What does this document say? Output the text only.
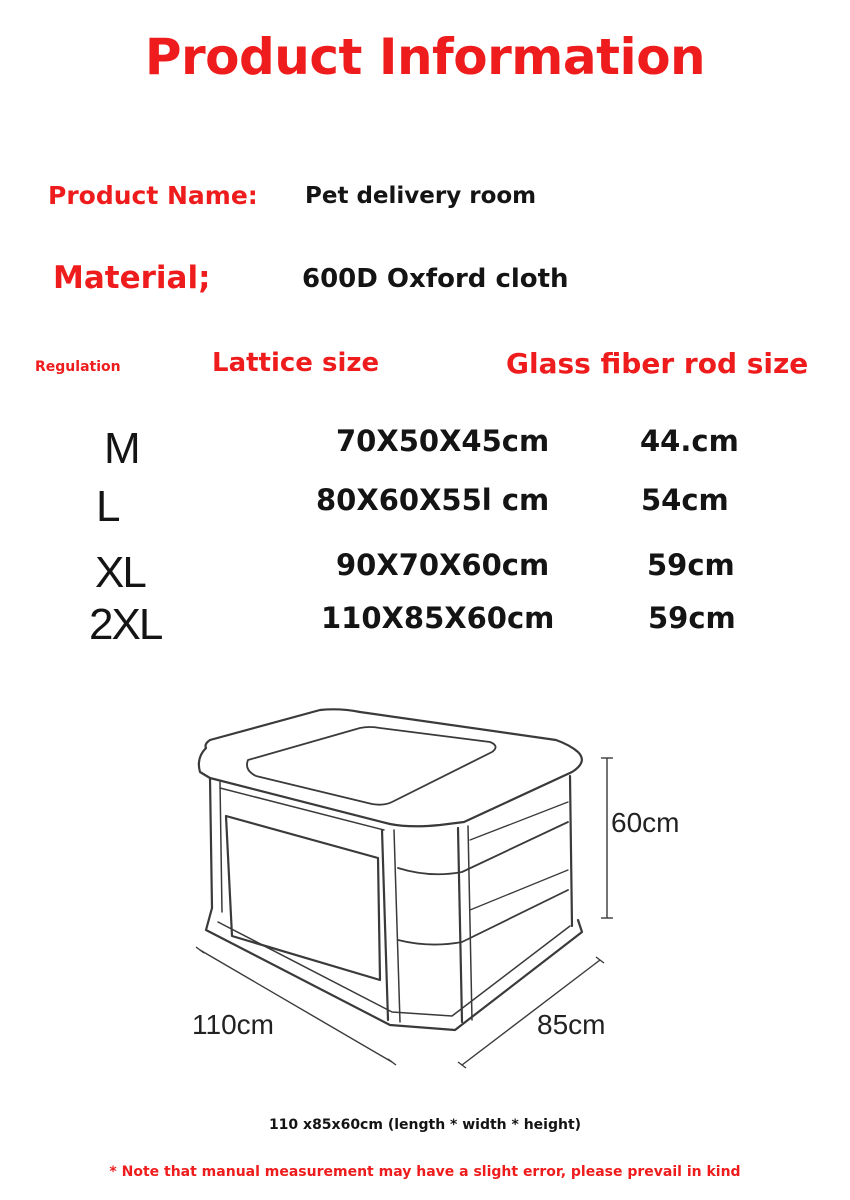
Product Information
Product Name: Pet delivery room
Material;	600D Oxford cloth
Regulation	Lattice size	Glass fiber rod size
M	70X50X45cm	44.cm
L	80X60X55l cm	54cm
XL	90X70X60cm	59cm
2XL	110X85X60cm	59cm
60cm
110cm	85cm
110 x85x60cm (length * width * height)
* Note that manual measurement may have a slight error, please prevail in kind
